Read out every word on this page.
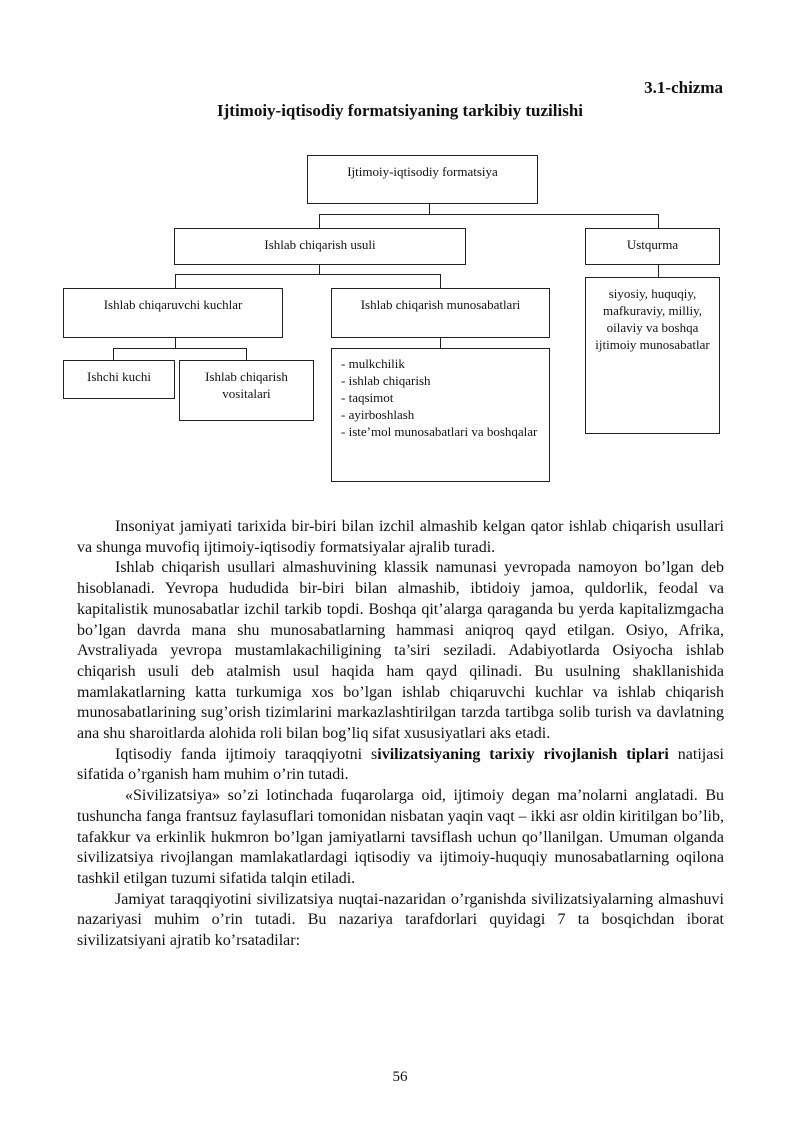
3.1-chizma
Ijtimoiy-iqtisodiy formatsiyaning tarkibiy tuzilishi
Ijtimoiy-iqtisodiy formatsiya
Ishlab chiqarish usuli	Ustqurma
Ishlab chiqaruvchi kuchlar	Ishlab chiqarish munosabatlari
siyosiy, huquqiy, mafkuraviy, milliy, oilaviy va boshqa ijtimoiy munosabatlar
Ishchi kuchi	Ishlab chiqarish vositalari
- mulkchilik
- ishlab chiqarish
- taqsimot
- ayirboshlash
- iste’mol munosabatlari va boshqalar

Insoniyat jamiyati tarixida bir-biri bilan izchil almashib kelgan qator ishlab chiqarish usullari va shunga muvofiq ijtimoiy-iqtisodiy formatsiyalar ajralib turadi.

Ishlab chiqarish usullari almashuvining klassik namunasi yevropada namoyon bo’lgan deb hisoblanadi. Yevropa hududida bir-biri bilan almashib, ibtidoiy jamoa, quldorlik, feodal va kapitalistik munosabatlar izchil tarkib topdi. Boshqa qit’alarga qaraganda bu yerda kapitalizmgacha bo’lgan davrda mana shu munosabatlarning hammasi aniqroq qayd etilgan. Osiyo, Afrika, Avstraliyada yevropa mustamlakachiligining ta’siri seziladi. Adabiyotlarda Osiyocha ishlab chiqarish usuli deb atalmish usul haqida ham qayd qilinadi. Bu usulning shakllanishida mamlakatlarning katta turkumiga xos bo’lgan ishlab chiqaruvchi kuchlar va ishlab chiqarish munosabatlarining sug’orish tizimlarini markazlashtirilgan tarzda tartibga solib turish va davlatning ana shu sharoitlarda alohida roli bilan bog’liq sifat xususiyatlari aks etadi.

Iqtisodiy fanda ijtimoiy taraqqiyotni sivilizatsiyaning tarixiy rivojlanish tiplari natijasi sifatida o’rganish ham muhim o’rin tutadi.

«Sivilizatsiya» so’zi lotinchada fuqarolarga oid, ijtimoiy degan ma’nolarni anglatadi. Bu tushuncha fanga frantsuz faylasuflari tomonidan nisbatan yaqin vaqt – ikki asr oldin kiritilgan bo’lib, tafakkur va erkinlik hukmron bo’lgan jamiyatlarni tavsiflash uchun qo’llanilgan. Umuman olganda sivilizatsiya rivojlangan mamlakatlardagi iqtisodiy va ijtimoiy-huquqiy munosabatlarning oqilona tashkil etilgan tuzumi sifatida talqin etiladi.

Jamiyat taraqqiyotini sivilizatsiya nuqtai-nazaridan o’rganishda sivilizatsiyalarning almashuvi nazariyasi muhim o’rin tutadi. Bu nazariya tarafdorlari quyidagi 7 ta bosqichdan iborat sivilizatsiyani ajratib ko’rsatadilar:

56
